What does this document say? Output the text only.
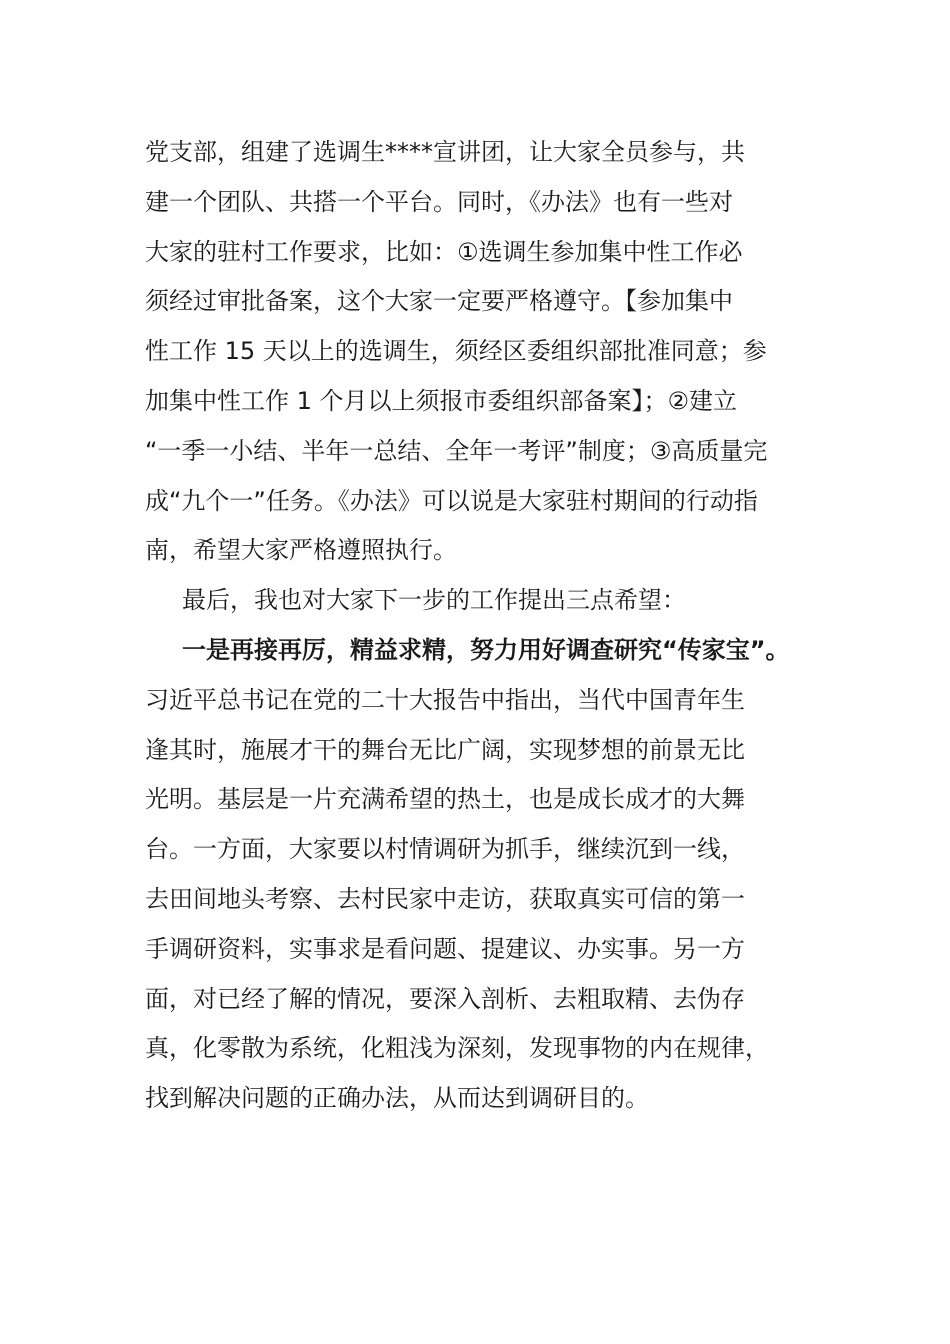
党支部，组建了选调生****宣讲团，让大家全员参与，共
建一个团队、共搭一个平台。同时，《办法》也有一些对
大家的驻村工作要求，比如：①选调生参加集中性工作必
须经过审批备案，这个大家一定要严格遵守。【参加集中
性工作 15 天以上的选调生，须经区委组织部批准同意；参
加集中性工作 1 个月以上须报市委组织部备案】；②建立
“一季一小结、半年一总结、全年一考评”制度；③高质量完
成“九个一”任务。《办法》可以说是大家驻村期间的行动指
南，希望大家严格遵照执行。
最后，我也对大家下一步的工作提出三点希望：
一是再接再厉，精益求精，努力用好调查研究“传家宝”。
习近平总书记在党的二十大报告中指出，当代中国青年生
逢其时，施展才干的舞台无比广阔，实现梦想的前景无比
光明。基层是一片充满希望的热土，也是成长成才的大舞
台。一方面，大家要以村情调研为抓手，继续沉到一线，
去田间地头考察、去村民家中走访，获取真实可信的第一
手调研资料，实事求是看问题、提建议、办实事。另一方
面，对已经了解的情况，要深入剖析、去粗取精、去伪存
真，化零散为系统，化粗浅为深刻，发现事物的内在规律，
找到解决问题的正确办法，从而达到调研目的。
